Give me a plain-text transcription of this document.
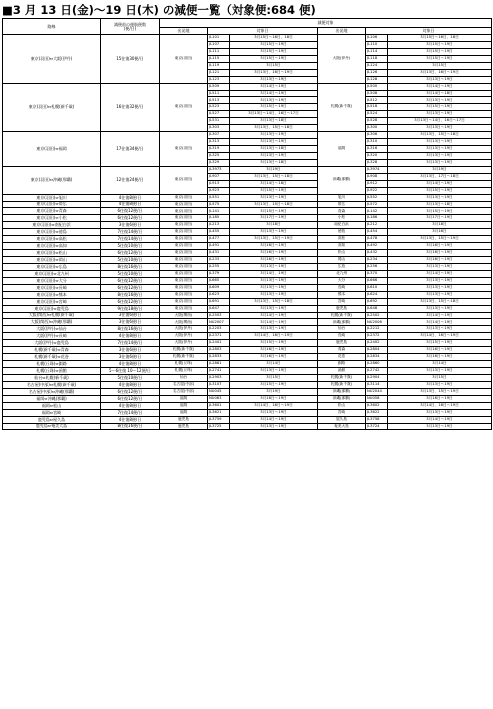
■3 月 13 日(金)～19 日(木) の減便一覧（対象便:684 便)
路線	減便前の運航便数
(便/日)	減便対象					
		出発地	対象日		出発地	対象日	
東京(羽田)⇔大阪(伊丹)	15往復30便/日	東京(羽田)	JL101	3月15日～16日、18日	大阪(伊丹)	JL106	3月15日～16日、18日
			JL107	3月15日～19日		JL110	3月15日～19日
			JL111	3月15日～19日		JL114	3月15日～19日
			JL115	3月15日～19日		JL118	3月15日～19日
			JL119	3月15日		JL124	3月15日
			JL121	3月13日、16日～19日		JL126	3月13日、16日～19日
			JL123	3月13日～19日		JL128	3月13日～19日
東京(羽田)⇔札幌(新千歳)	16往復32便/日	東京(羽田)	JL509	3月14日～19日	札幌(新千歳)	JL500	3月14日～19日
			JL511	3月14日～19日		JL508	3月14日～18日
			JL513	3月13日～19日		JL512	3月13日～19日
			JL523	3月15日～19日		JL518	3月15日～19日
			JL527	3月13日～14日、16日～17日		JL524	3月13日～19日
			JL531	3月13日～18日		JL528	3月13日～14日、16日～17日
			JL303	3月13日、15日～18日		JL300	3月13日～19日
東京(羽田)⇔福岡	17往復34便/日	東京(羽田)	JL307	3月13日～19日	福岡	JL306	3月13日、15日～18日
			JL313	3月13日～19日		JL310	3月13日～19日
			JL319	3月13日～18日		JL316	3月13日～19日
			JL325	3月13日～19日		JL320	3月13日～19日
			JL329	3月13日～18日		JL328	3月13日～19日
東京(羽田)⇔沖縄(那覇)	12往復24便/日	東京(羽田)	JL3973	3月19日	沖縄(那覇)	JL3974	3月19日
			JL907	3月13日、15日～18日		JL908	3月13日、17日～18日
			JL913	3月14日～18日		JL912	3月14日～19日
			JL923	3月15日～19日		JL922	3月15日～19日
東京(羽田)⇔旭川	4往復8便/日	東京(羽田)	JL551	3月13日～19日	旭川	JL552	3月13日～19日
東京(羽田)⇔帯広	4往復8便/日	東京(羽田)	JL575	3月13日、15日～18日	帯広	JL572	3月13日～18日
東京(羽田)⇔青森	6往復12便/日	東京(羽田)	JL141	3月15日～19日	青森	JL142	3月15日～19日
東京(羽田)⇔小松	6往復12便/日	東京(羽田)	JL185	3月17日～19日	小松	JL186	3月17日～19日
東京(羽田)⇔南紀白浜	3往復6便/日	東京(羽田)	JL213	3月18日	南紀白浜	JL212	3月18日
東京(羽田)⇔徳島	7往復14便/日	東京(羽田)	JL455	3月13日～19日	徳島	JL454	3月16日
東京(羽田)⇔高松	7往復14便/日	東京(羽田)	JL477	3月13日、15日～19日	高松	JL478	3月13日、15日～19日
東京(羽田)⇔高知	5往復10便/日	東京(羽田)	JL491	3月16日～19日	高知	JL492	3月16日～19日
東京(羽田)⇔松山	6往復12便/日	東京(羽田)	JL431	3月16日～19日	松山	JL432	3月16日～19日
東京(羽田)⇔岡山	5往復10便/日	東京(羽田)	JL233	3月16日～19日	岡山	JL234	3月16日～19日
東京(羽田)⇔広島	8往復16便/日	東京(羽田)	JL255	3月13日～19日	広島	JL256	3月13日～19日
東京(羽田)⇔北九州	5往復10便/日	東京(羽田)	JL379	3月14日、19日	北九州	JL370	3月14日～19日
東京(羽田)⇔大分	6往復12便/日	東京(羽田)	JL665	3月13日～19日	大分	JL666	3月13日～19日
東京(羽田)⇔長崎	6往復12便/日	東京(羽田)	JL609	3月13日～19日	長崎	JL610	3月13日～19日
東京(羽田)⇔熊本	8往復16便/日	東京(羽田)	JL623	3月13日～19日	熊本	JL624	3月13日～19日
東京(羽田)⇔宮崎	6往復12便/日	東京(羽田)	JL691	3月13日、15日～18日	宮崎	JL692	3月13日、15日～18日
東京(羽田)⇔鹿児島	9往復18便/日	東京(羽田)	JL647	3月13日～19日	鹿児島	JL648	3月13日～19日
大阪(関西)⇔札幌(新千歳)	3往復6便/日	大阪(関西)	JL2503	3月14日～19日	札幌(新千歳)	JL2502	3月14日～19日
大阪(関西)⇔沖縄(那覇)	3往復6便/日	大阪(関西)	NU2007	3月14日～19日	沖縄(那覇)	NU2006	3月14日～19日
大阪(伊丹)⇔仙台	8往復16便/日	大阪(伊丹)	JL2203	3月13日～19日	仙台	JL2212	3月13日～19日
大阪(伊丹)⇔長崎	4往復8便/日	大阪(伊丹)	JL2371	3月14日、16日～19日	長崎	JL2372	3月14日、16日～19日
大阪(伊丹)⇔鹿児島	7往復14便/日	大阪(伊丹)	JL2401	3月15日～19日	鹿児島	JL2402	3月15日～19日
札幌(新千歳)⇔青森	3往復6便/日	札幌(新千歳)	JL2803	3月16日～19日	青森	JL2804	3月16日～19日
札幌(新千歳)⇔花巻	3往復6便/日	札幌(新千歳)	JL2833	3月16日～19日	花巻	JL2834	3月16日～19日
札幌(丘珠)⇔釧路	4往復8便/日	札幌(丘珠)	JL2861	3月14日	釧路	JL2860	3月14日
札幌(丘珠)⇔函館	5～6往復 10～12便/日	札幌(丘珠)	JL2741	3月13日～19日	函館	JL2742	3月13日～19日
仙台⇔札幌(新千歳)	5往復10便/日	仙台	JL2903	3月15日	札幌(新千歳)	JL2904	3月15日
名古屋(中部)⇔札幌(新千歳)	4往復8便/日	名古屋(中部)	JL3107	3月15日～19日	札幌(新千歳)	JL3114	3月13日～19日
名古屋(中部)⇔沖縄(那覇)	6往復12便/日	名古屋(中部)	NU045	3月19日	沖縄(那覇)	NU2044	3月13日、15日～19日
福岡⇔沖縄(那覇)	6往復12便/日	福岡	NU063	3月16日～19日	沖縄(那覇)	NU058	3月16日～19日
福岡⇔松山	4往復8便/日	福岡	JL3601	3月14日、16日～19日	松山	JL3602	3月14日、16日～19日
福岡⇔宮崎	7往復14便/日	福岡	JL3621	3月13日～19日	宮崎	JL3622	3月13日～19日
鹿児島⇔屋久島	4往復8便/日	鹿児島	JL3759	3月14日～19日	屋久島	JL3758	3月14日～19日
鹿児島⇔奄美大島	8往復16便/日	鹿児島	JL3725	3月13日～19日	奄美大島	JL3724	3月13日～19日
